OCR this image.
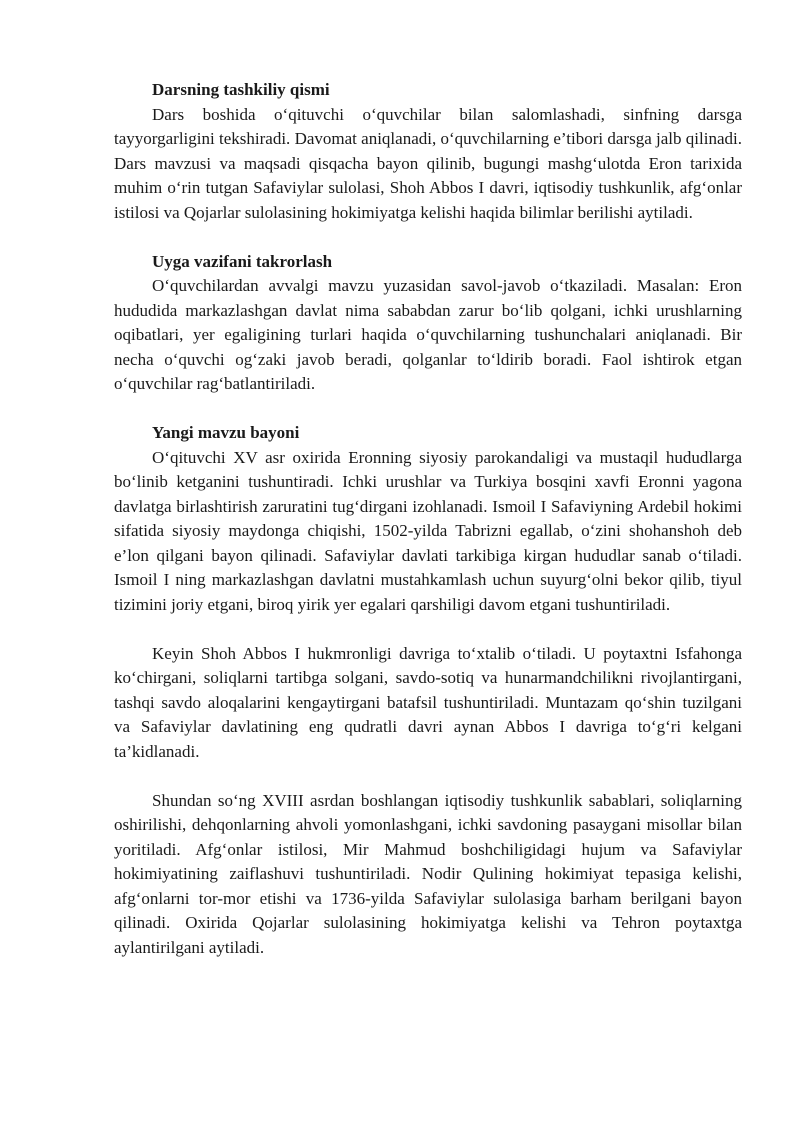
Darsning tashkiliy qismi

Dars boshida o‘qituvchi o‘quvchilar bilan salomlashadi, sinfning darsga tayyorgarligini tekshiradi. Davomat aniqlanadi, o‘quvchilarning e’tibori darsga jalb qilinadi. Dars mavzusi va maqsadi qisqacha bayon qilinib, bugungi mashg‘ulotda Eron tarixida muhim o‘rin tutgan Safaviylar sulolasi, Shoh Abbos I davri, iqtisodiy tushkunlik, afg‘onlar istilosi va Qojarlar sulolasining hokimiyatga kelishi haqida bilimlar berilishi aytiladi.

Uyga vazifani takrorlash

O‘quvchilardan avvalgi mavzu yuzasidan savol-javob o‘tkaziladi. Masalan: Eron hududida markazlashgan davlat nima sababdan zarur bo‘lib qolgani, ichki urushlarning oqibatlari, yer egaligining turlari haqida o‘quvchilarning tushunchalari aniqlanadi. Bir necha o‘quvchi og‘zaki javob beradi, qolganlar to‘ldirib boradi. Faol ishtirok etgan o‘quvchilar rag‘batlantiriladi.

Yangi mavzu bayoni

O‘qituvchi XV asr oxirida Eronning siyosiy parokandaligi va mustaqil hududlarga bo‘linib ketganini tushuntiradi. Ichki urushlar va Turkiya bosqini xavfi Eronni yagona davlatga birlashtirish zaruratini tug‘dirgani izohlanadi. Ismoil I Safaviyning Ardebil hokimi sifatida siyosiy maydonga chiqishi, 1502-yilda Tabrizni egallab, o‘zini shohanshoh deb e’lon qilgani bayon qilinadi. Safaviylar davlati tarkibiga kirgan hududlar sanab o‘tiladi. Ismoil I ning markazlashgan davlatni mustahkamlash uchun suyurg‘olni bekor qilib, tiyul tizimini joriy etgani, biroq yirik yer egalari qarshiligi davom etgani tushuntiriladi.

Keyin Shoh Abbos I hukmronligi davriga to‘xtalib o‘tiladi. U poytaxtni Isfahonga ko‘chirgani, soliqlarni tartibga solgani, savdo-sotiq va hunarmandchilikni rivojlantirgani, tashqi savdo aloqalarini kengaytirgani batafsil tushuntiriladi. Muntazam qo‘shin tuzilgani va Safaviylar davlatining eng qudratli davri aynan Abbos I davriga to‘g‘ri kelgani ta’kidlanadi.

Shundan so‘ng XVIII asrdan boshlangan iqtisodiy tushkunlik sabablari, soliqlarning oshirilishi, dehqonlarning ahvoli yomonlashgani, ichki savdoning pasaygani misollar bilan yoritiladi. Afg‘onlar istilosi, Mir Mahmud boshchiligidagi hujum va Safaviylar hokimiyatining zaiflashuvi tushuntiriladi. Nodir Qulining hokimiyat tepasiga kelishi, afg‘onlarni tor-mor etishi va 1736-yilda Safaviylar sulolasiga barham berilgani bayon qilinadi. Oxirida Qojarlar sulolasining hokimiyatga kelishi va Tehron poytaxtga aylantirilgani aytiladi.
